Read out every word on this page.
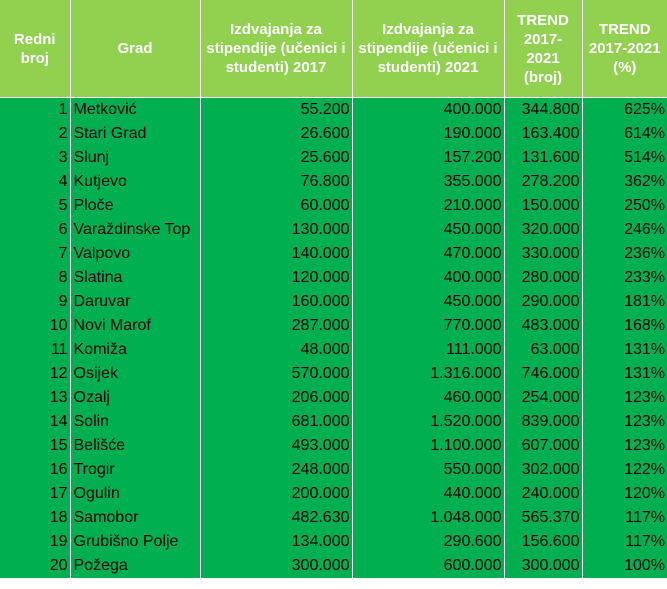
Redni broj	Grad	Izdvajanja za stipendije (učenici i studenti) 2017	Izdvajanja za stipendije (učenici i studenti) 2021	TREND 2017-2021 (broj)	TREND 2017-2021 (%)
1	Metković	55.200	400.000	344.800	625%
2	Stari Grad	26.600	190.000	163.400	614%
3	Slunj	25.600	157.200	131.600	514%
4	Kutjevo	76.800	355.000	278.200	362%
5	Ploče	60.000	210.000	150.000	250%
6	Varaždinske Top	130.000	450.000	320.000	246%
7	Valpovo	140.000	470.000	330.000	236%
8	Slatina	120.000	400.000	280.000	233%
9	Daruvar	160.000	450.000	290.000	181%
10	Novi Marof	287.000	770.000	483.000	168%
11	Komiža	48.000	111.000	63.000	131%
12	Osijek	570.000	1.316.000	746.000	131%
13	Ozalj	206.000	460.000	254.000	123%
14	Solin	681.000	1.520.000	839.000	123%
15	Belišće	493.000	1.100.000	607.000	123%
16	Trogir	248.000	550.000	302.000	122%
17	Ogulin	200.000	440.000	240.000	120%
18	Samobor	482.630	1.048.000	565.370	117%
19	Grubišno Polje	134.000	290.600	156.600	117%
20	Požega	300.000	600.000	300.000	100%
